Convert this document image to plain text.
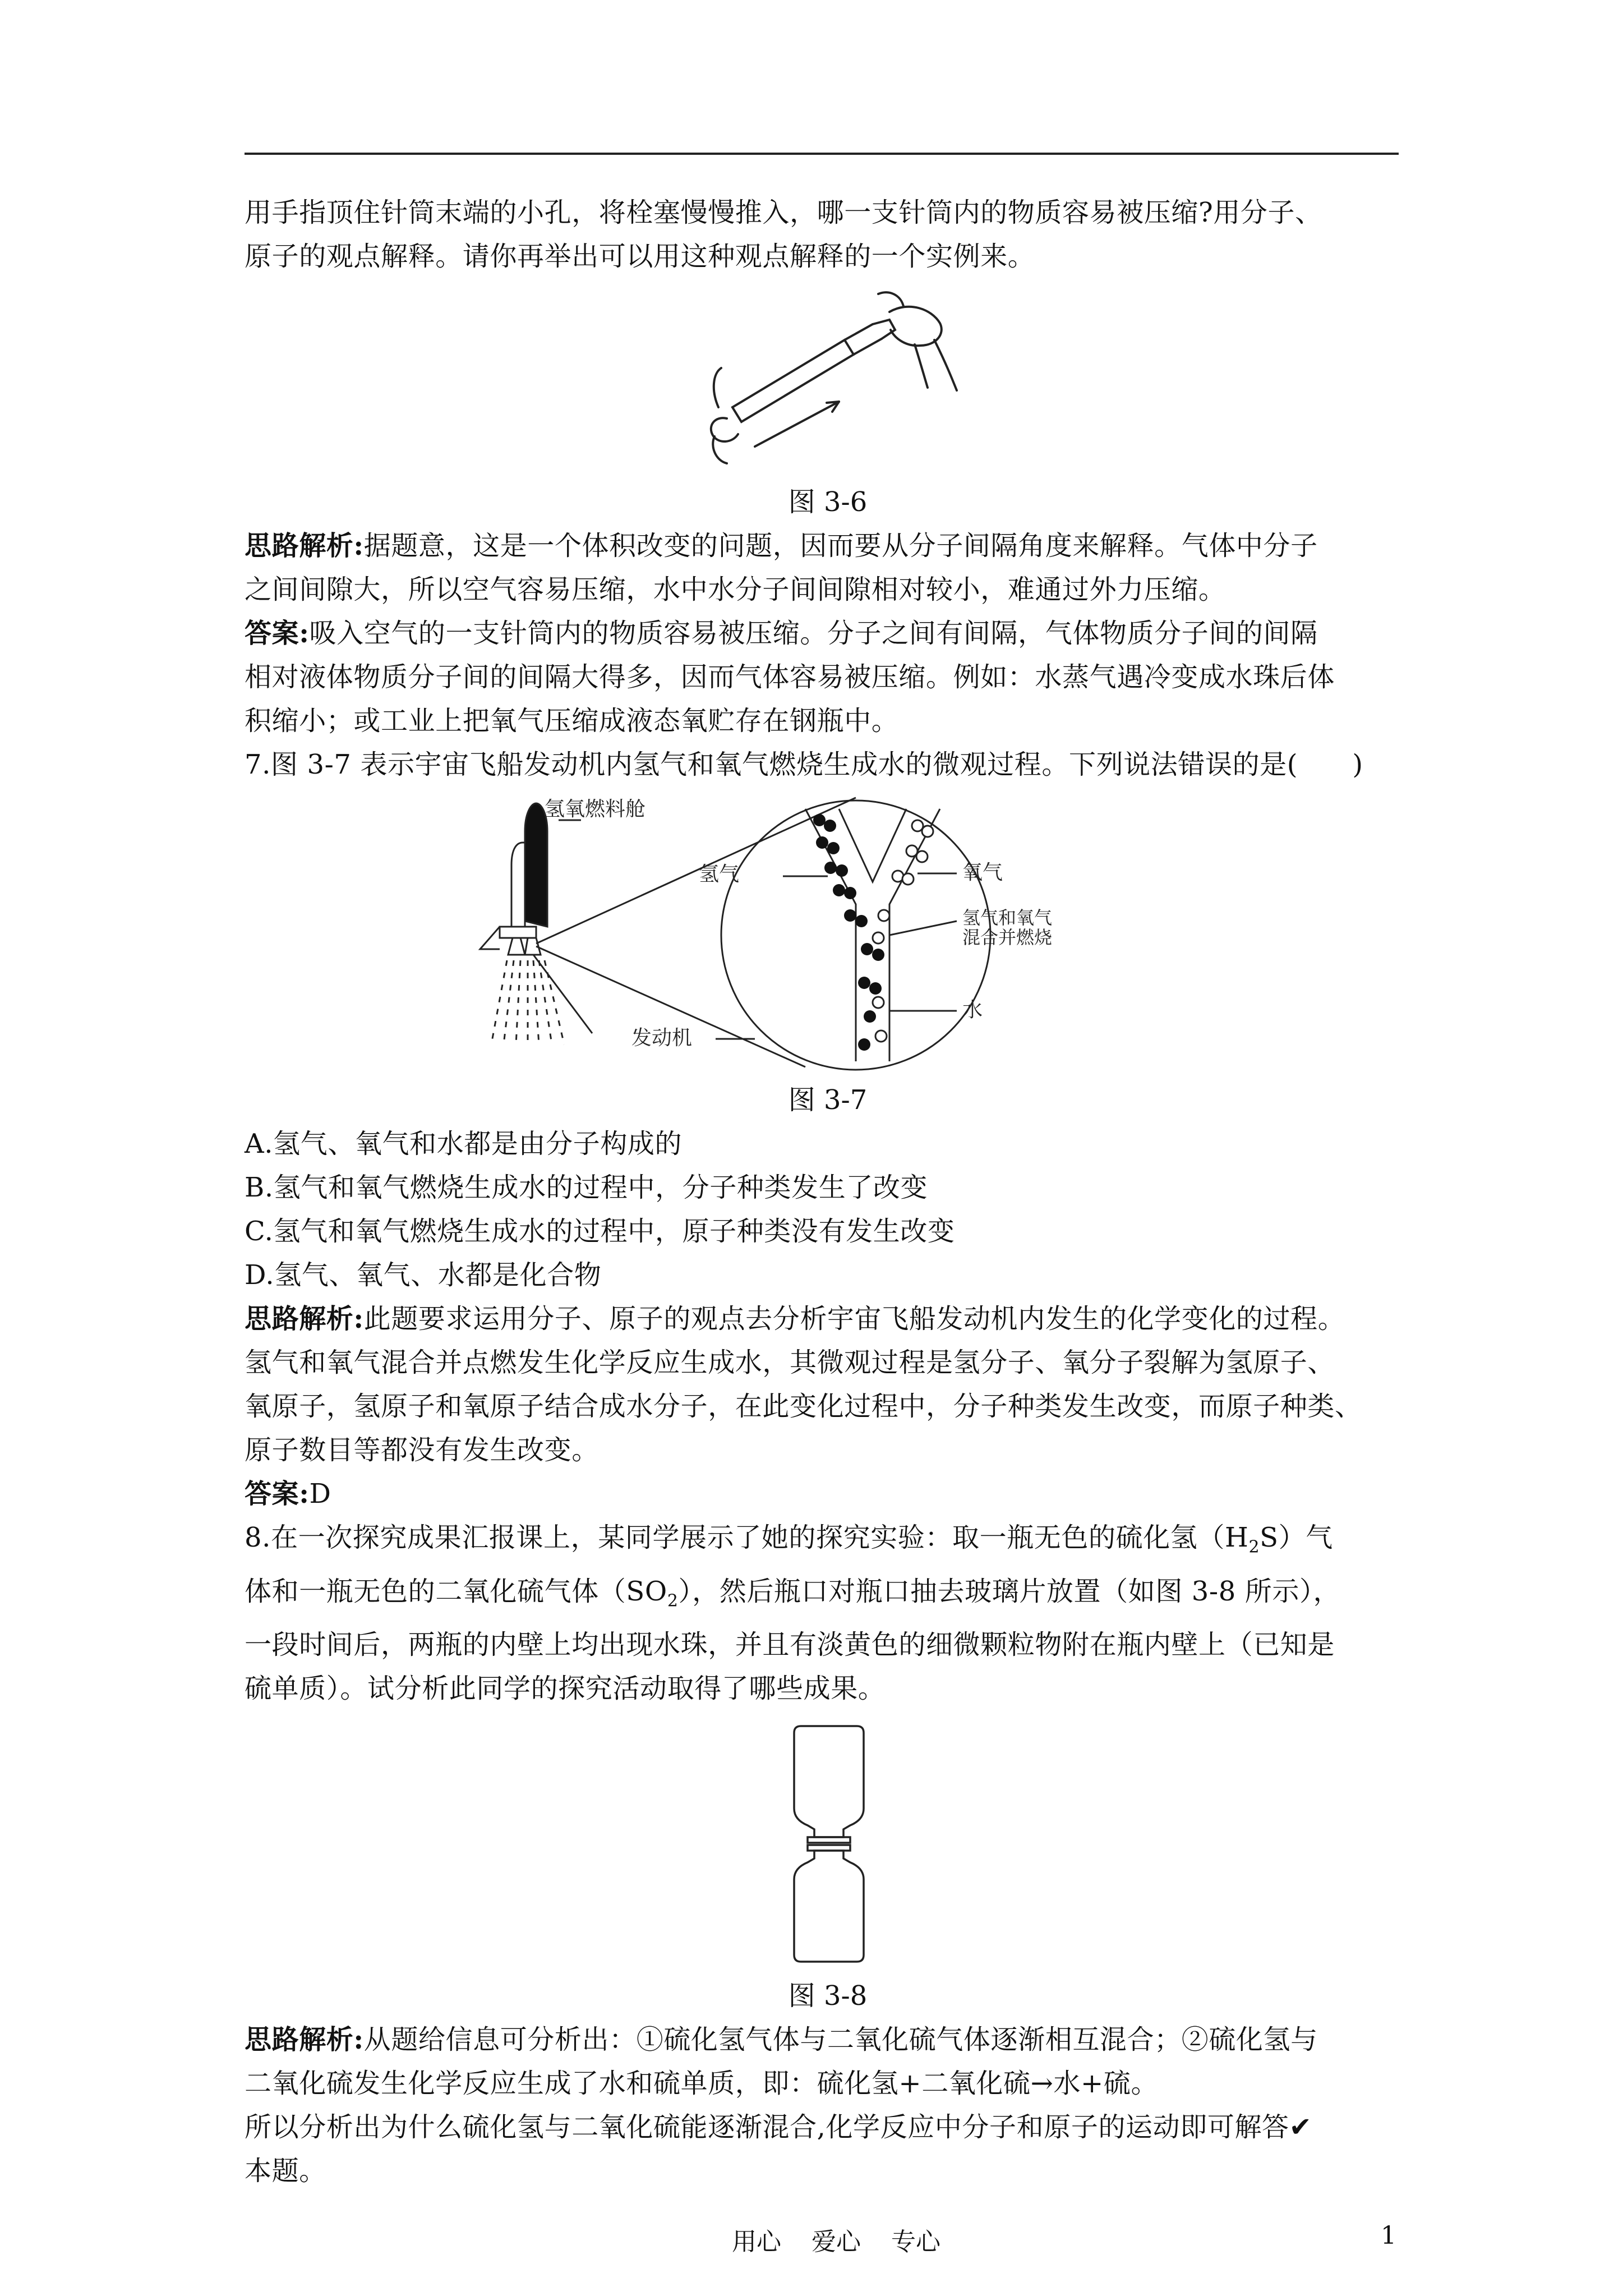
用手指顶住针筒末端的小孔，将栓塞慢慢推入，哪一支针筒内的物质容易被压缩?用分子、

原子的观点解释。请你再举出可以用这种观点解释的一个实例来。

图 3-6

思路解析:据题意，这是一个体积改变的问题，因而要从分子间隔角度来解释。气体中分子

之间间隙大，所以空气容易压缩，水中水分子间间隙相对较小，难通过外力压缩。

答案:吸入空气的一支针筒内的物质容易被压缩。分子之间有间隔，气体物质分子间的间隔

相对液体物质分子间的间隔大得多，因而气体容易被压缩。例如：水蒸气遇冷变成水珠后体

积缩小；或工业上把氧气压缩成液态氧贮存在钢瓶中。

7.图 3-7 表示宇宙飞船发动机内氢气和氧气燃烧生成水的微观过程。下列说法错误的是(　　)

氢氧燃料舱
氢气	氧气
氢气和氧气
混合并燃烧
发动机
水

图 3-7

A.氢气、氧气和水都是由分子构成的

B.氢气和氧气燃烧生成水的过程中，分子种类发生了改变

C.氢气和氧气燃烧生成水的过程中，原子种类没有发生改变

D.氢气、氧气、水都是化合物

思路解析:此题要求运用分子、原子的观点去分析宇宙飞船发动机内发生的化学变化的过程。

氢气和氧气混合并点燃发生化学反应生成水，其微观过程是氢分子、氧分子裂解为氢原子、

氧原子，氢原子和氧原子结合成水分子，在此变化过程中，分子种类发生改变，而原子种类、

原子数目等都没有发生改变。

答案:D

8.在一次探究成果汇报课上，某同学展示了她的探究实验：取一瓶无色的硫化氢$(H_2S)$气

体和一瓶无色的二氧化硫气体$(SO_2)$，然后瓶口对瓶口抽去玻璃片放置（如图 3-8 所示），

一段时间后，两瓶的内壁上均出现水珠，并且有淡黄色的细微颗粒物附在瓶内壁上（已知是

硫单质）。试分析此同学的探究活动取得了哪些成果。

图 3-8

思路解析:从题给信息可分析出：①硫化氢气体与二氧化硫气体逐渐相互混合；②硫化氢与

二氧化硫发生化学反应生成了水和硫单质，即：硫化氢+二氧化硫→水+硫。

所以分析出为什么硫化氢与二氧化硫能逐渐混合,化学反应中分子和原子的运动即可解答✔

本题。

用心 爱心 专心	1
